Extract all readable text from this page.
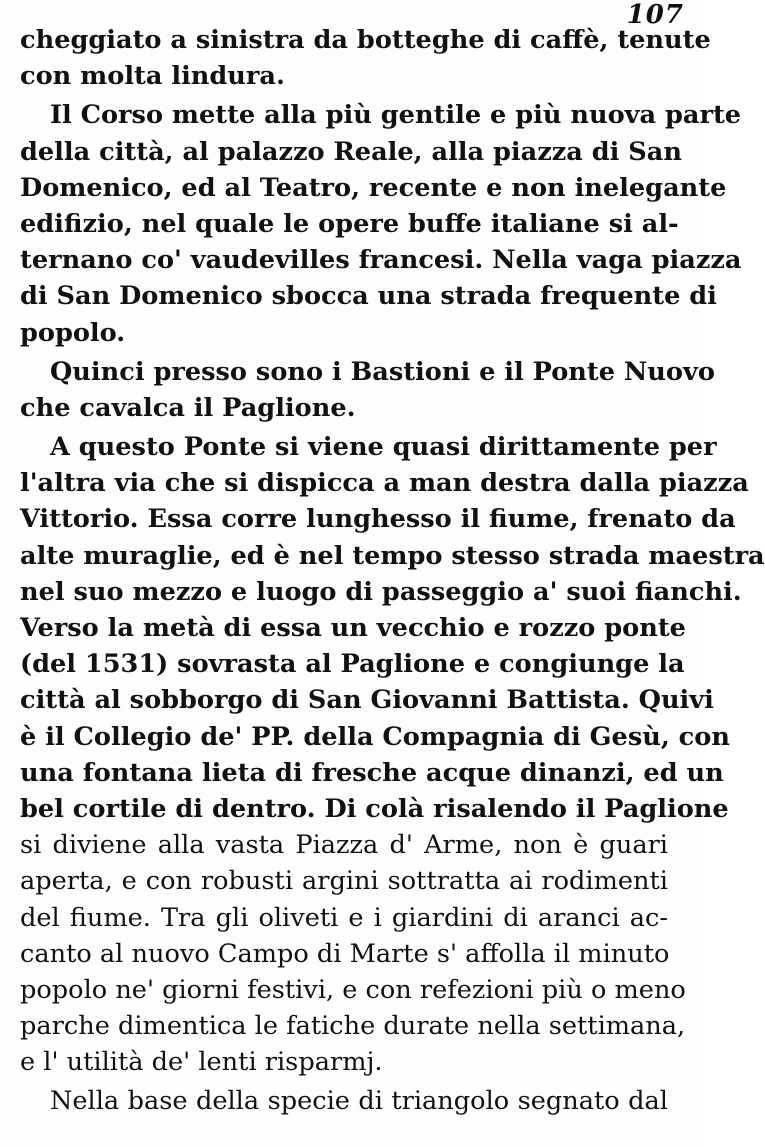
107
cheggiato a sinistra da botteghe di caffè, tenute
con molta lindura.
Il Corso mette alla più gentile e più nuova parte
della città, al palazzo Reale, alla piazza di San
Domenico, ed al Teatro, recente e non inelegante
edifizio, nel quale le opere buffe italiane si al-
ternano co' vaudevilles francesi. Nella vaga piazza
di San Domenico sbocca una strada frequente di
popolo.
Quinci presso sono i Bastioni e il Ponte Nuovo
che cavalca il Paglione.
A questo Ponte si viene quasi dirittamente per
l'altra via che si dispicca a man destra dalla piazza
Vittorio. Essa corre lunghesso il fiume, frenato da
alte muraglie, ed è nel tempo stesso strada maestra
nel suo mezzo e luogo di passeggio a' suoi fianchi.
Verso la metà di essa un vecchio e rozzo ponte
(del 1531) sovrasta al Paglione e congiunge la
città al sobborgo di San Giovanni Battista. Quivi
è il Collegio de' PP. della Compagnia di Gesù, con
una fontana lieta di fresche acque dinanzi, ed un
bel cortile di dentro. Di colà risalendo il Paglione
si diviene alla vasta Piazza d' Arme, non è guari
aperta, e con robusti argini sottratta ai rodimenti
del fiume. Tra gli oliveti e i giardini di aranci ac-
canto al nuovo Campo di Marte s' affolla il minuto
popolo ne' giorni festivi, e con refezioni più o meno
parche dimentica le fatiche durate nella settimana,
e l' utilità de' lenti risparmj.
Nella base della specie di triangolo segnato dal
